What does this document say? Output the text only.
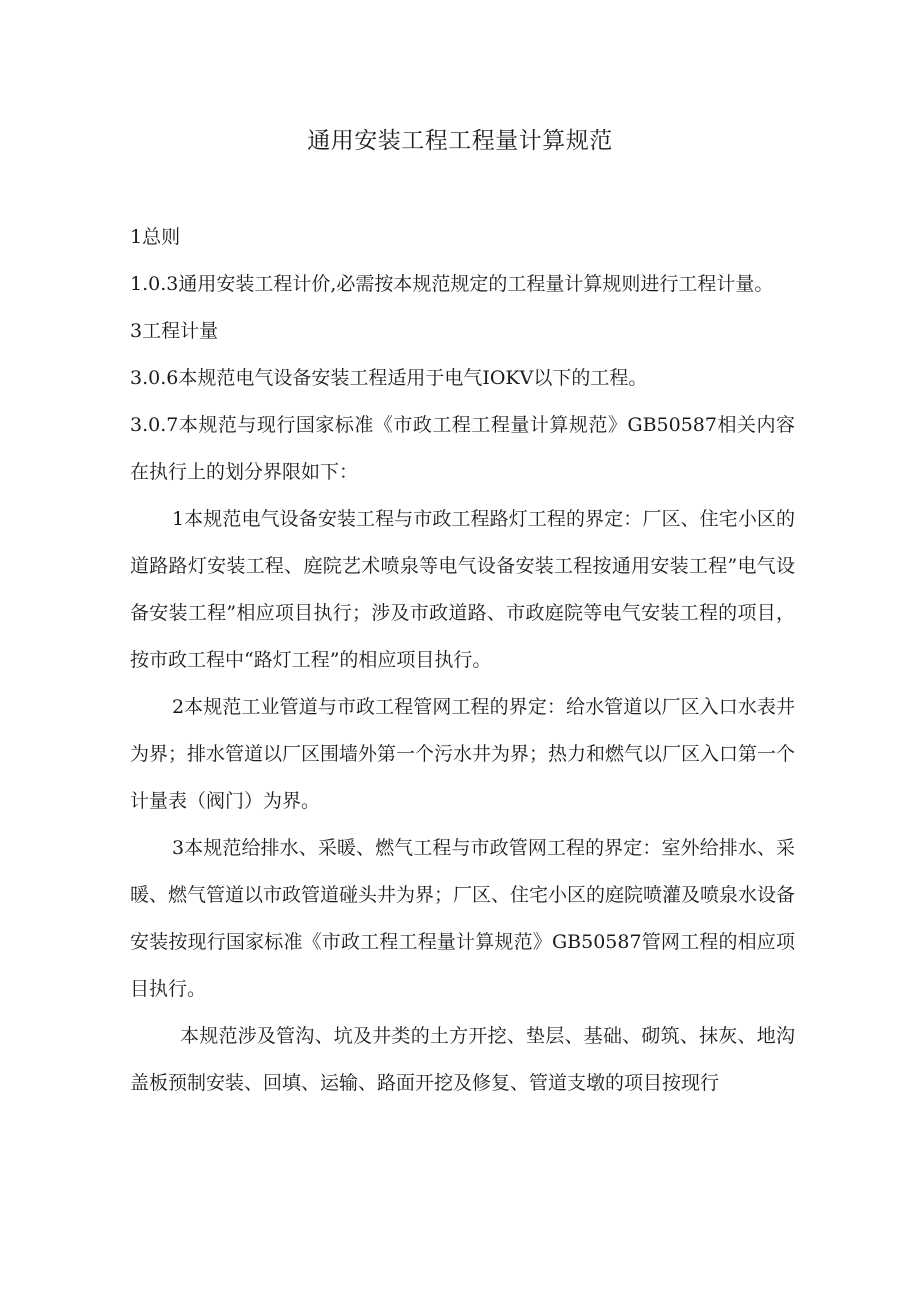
通用安装工程工程量计算规范

1总则

1.0.3通用安装工程计价,必需按本规范规定的工程量计算规则进行工程计量。

3工程计量

3.0.6本规范电气设备安装工程适用于电气IOKV以下的工程。

3.0.7本规范与现行国家标准《市政工程工程量计算规范》GB50587相关内容在执行上的划分界限如下：

1本规范电气设备安装工程与市政工程路灯工程的界定：厂区、住宅小区的道路路灯安装工程、庭院艺术喷泉等电气设备安装工程按通用安装工程”电气设备安装工程”相应项目执行；涉及市政道路、市政庭院等电气安装工程的项目，按市政工程中“路灯工程”的相应项目执行。

2本规范工业管道与市政工程管网工程的界定：给水管道以厂区入口水表井为界；排水管道以厂区围墙外第一个污水井为界；热力和燃气以厂区入口第一个计量表（阀门）为界。

3本规范给排水、采暖、燃气工程与市政管网工程的界定：室外给排水、采暖、燃气管道以市政管道碰头井为界；厂区、住宅小区的庭院喷灌及喷泉水设备安装按现行国家标准《市政工程工程量计算规范》GB50587管网工程的相应项目执行。

本规范涉及管沟、坑及井类的土方开挖、垫层、基础、砌筑、抹灰、地沟盖板预制安装、回填、运输、路面开挖及修复、管道支墩的项目按现行
